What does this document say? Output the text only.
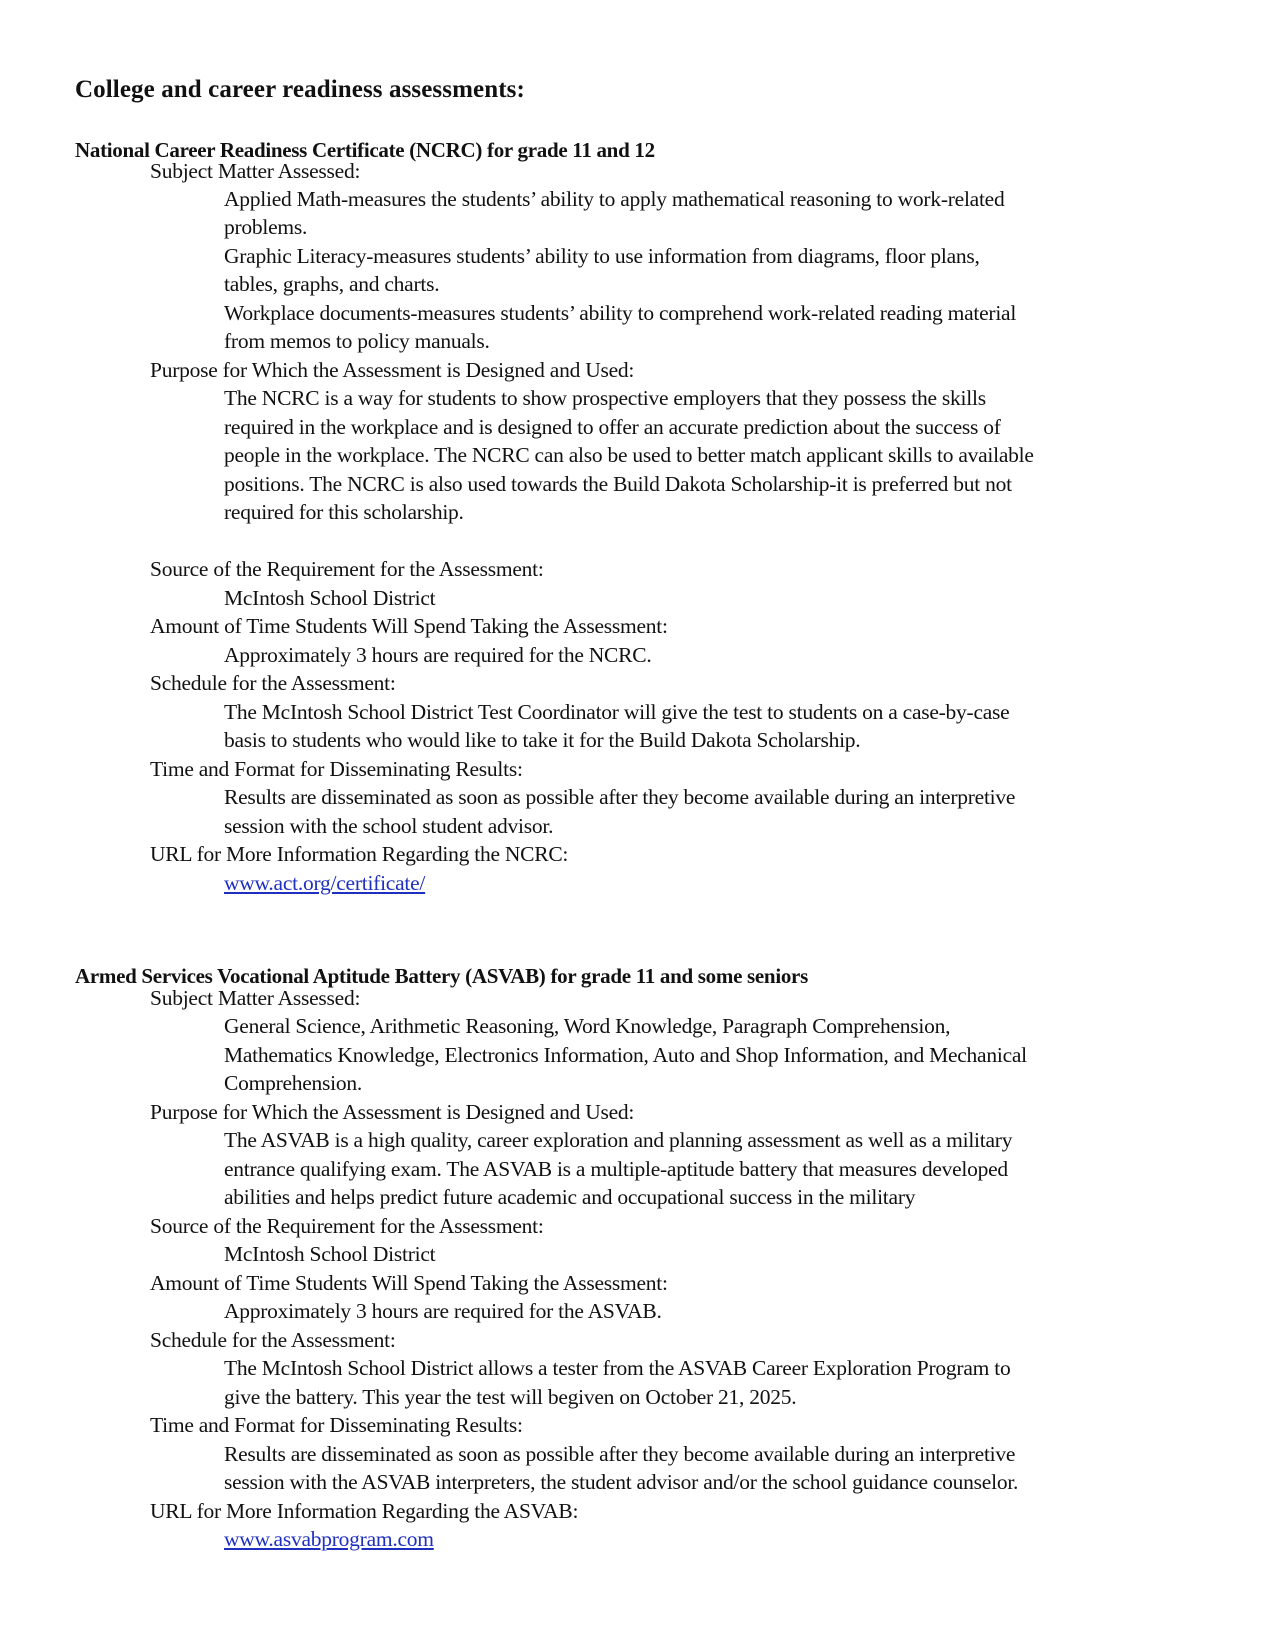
College and career readiness assessments:
National Career Readiness Certificate (NCRC) for grade 11 and 12
Subject Matter Assessed:
Applied Math-measures the students’ ability to apply mathematical reasoning to work-related
problems.
Graphic Literacy-measures students’ ability to use information from diagrams, floor plans,
tables, graphs, and charts.
Workplace documents-measures students’ ability to comprehend work-related reading material
from memos to policy manuals.
Purpose for Which the Assessment is Designed and Used:
The NCRC is a way for students to show prospective employers that they possess the skills
required in the workplace and is designed to offer an accurate prediction about the success of
people in the workplace. The NCRC can also be used to better match applicant skills to available
positions. The NCRC is also used towards the Build Dakota Scholarship-it is preferred but not
required for this scholarship.
Source of the Requirement for the Assessment:
McIntosh School District
Amount of Time Students Will Spend Taking the Assessment:
Approximately 3 hours are required for the NCRC.
Schedule for the Assessment:
The McIntosh School District Test Coordinator will give the test to students on a case-by-case
basis to students who would like to take it for the Build Dakota Scholarship.
Time and Format for Disseminating Results:
Results are disseminated as soon as possible after they become available during an interpretive
session with the school student advisor.
URL for More Information Regarding the NCRC:
www.act.org/certificate/
Armed Services Vocational Aptitude Battery (ASVAB) for grade 11 and some seniors
Subject Matter Assessed:
General Science, Arithmetic Reasoning, Word Knowledge, Paragraph Comprehension,
Mathematics Knowledge, Electronics Information, Auto and Shop Information, and Mechanical
Comprehension.
Purpose for Which the Assessment is Designed and Used:
The ASVAB is a high quality, career exploration and planning assessment as well as a military
entrance qualifying exam. The ASVAB is a multiple-aptitude battery that measures developed
abilities and helps predict future academic and occupational success in the military
Source of the Requirement for the Assessment:
McIntosh School District
Amount of Time Students Will Spend Taking the Assessment:
Approximately 3 hours are required for the ASVAB.
Schedule for the Assessment:
The McIntosh School District allows a tester from the ASVAB Career Exploration Program to
give the battery. This year the test will begiven on October 21, 2025.
Time and Format for Disseminating Results:
Results are disseminated as soon as possible after they become available during an interpretive
session with the ASVAB interpreters, the student advisor and/or the school guidance counselor.
URL for More Information Regarding the ASVAB:
www.asvabprogram.com
